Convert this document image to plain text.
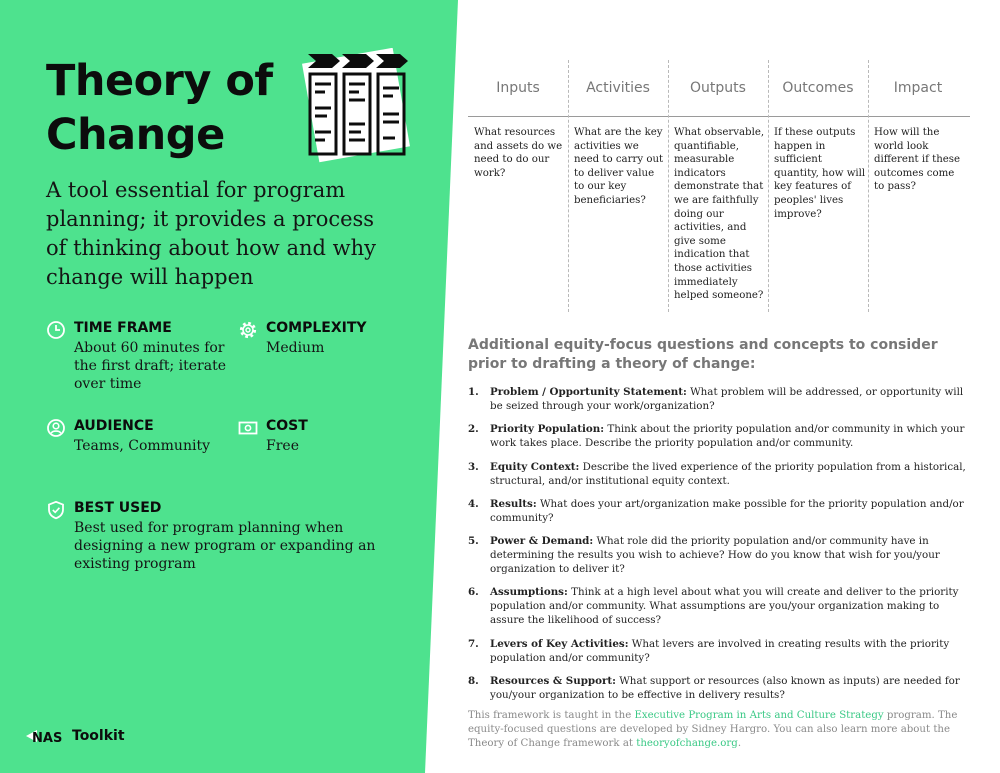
Theory of Change

A tool essential for program planning; it provides a process of thinking about how and why change will happen

TIME FRAME
About 60 minutes for the first draft; iterate over time
COMPLEXITY
Medium
AUDIENCE
Teams, Community
COST
Free
BEST USED
Best used for program planning when designing a new program or expanding an existing program
NAS Toolkit
Inputs
What resources and assets do we need to do our work?
Activities
What are the key activities we need to carry out to deliver value to our key beneficiaries?
Outputs
What observable, quantifiable, measurable indicators demonstrate that we are faithfully doing our activities, and give some indication that those activities immediately helped someone?
Outcomes
If these outputs happen in sufficient quantity, how will key features of peoples' lives improve?
Impact
How will the world look different if these outcomes come to pass?
Additional equity-focus questions and concepts to consider prior to drafting a theory of change:
1. Problem / Opportunity Statement: What problem will be addressed, or opportunity will be seized through your work/organization?
2. Priority Population: Think about the priority population and/or community in which your work takes place. Describe the priority population and/or community.
3. Equity Context: Describe the lived experience of the priority population from a historical, structural, and/or institutional equity context.
4. Results: What does your art/organization make possible for the priority population and/or community?
5. Power & Demand: What role did the priority population and/or community have in determining the results you wish to achieve? How do you know that wish for you/your organization to deliver it?
6. Assumptions: Think at a high level about what you will create and deliver to the priority population and/or community. What assumptions are you/your organization making to assure the likelihood of success?
7. Levers of Key Activities: What levers are involved in creating results with the priority population and/or community?
8. Resources & Support: What support or resources (also known as inputs) are needed for you/your organization to be effective in delivery results?

This framework is taught in the Executive Program in Arts and Culture Strategy program. The equity-focused questions are developed by Sidney Hargro. You can also learn more about the Theory of Change framework at theoryofchange.org.
